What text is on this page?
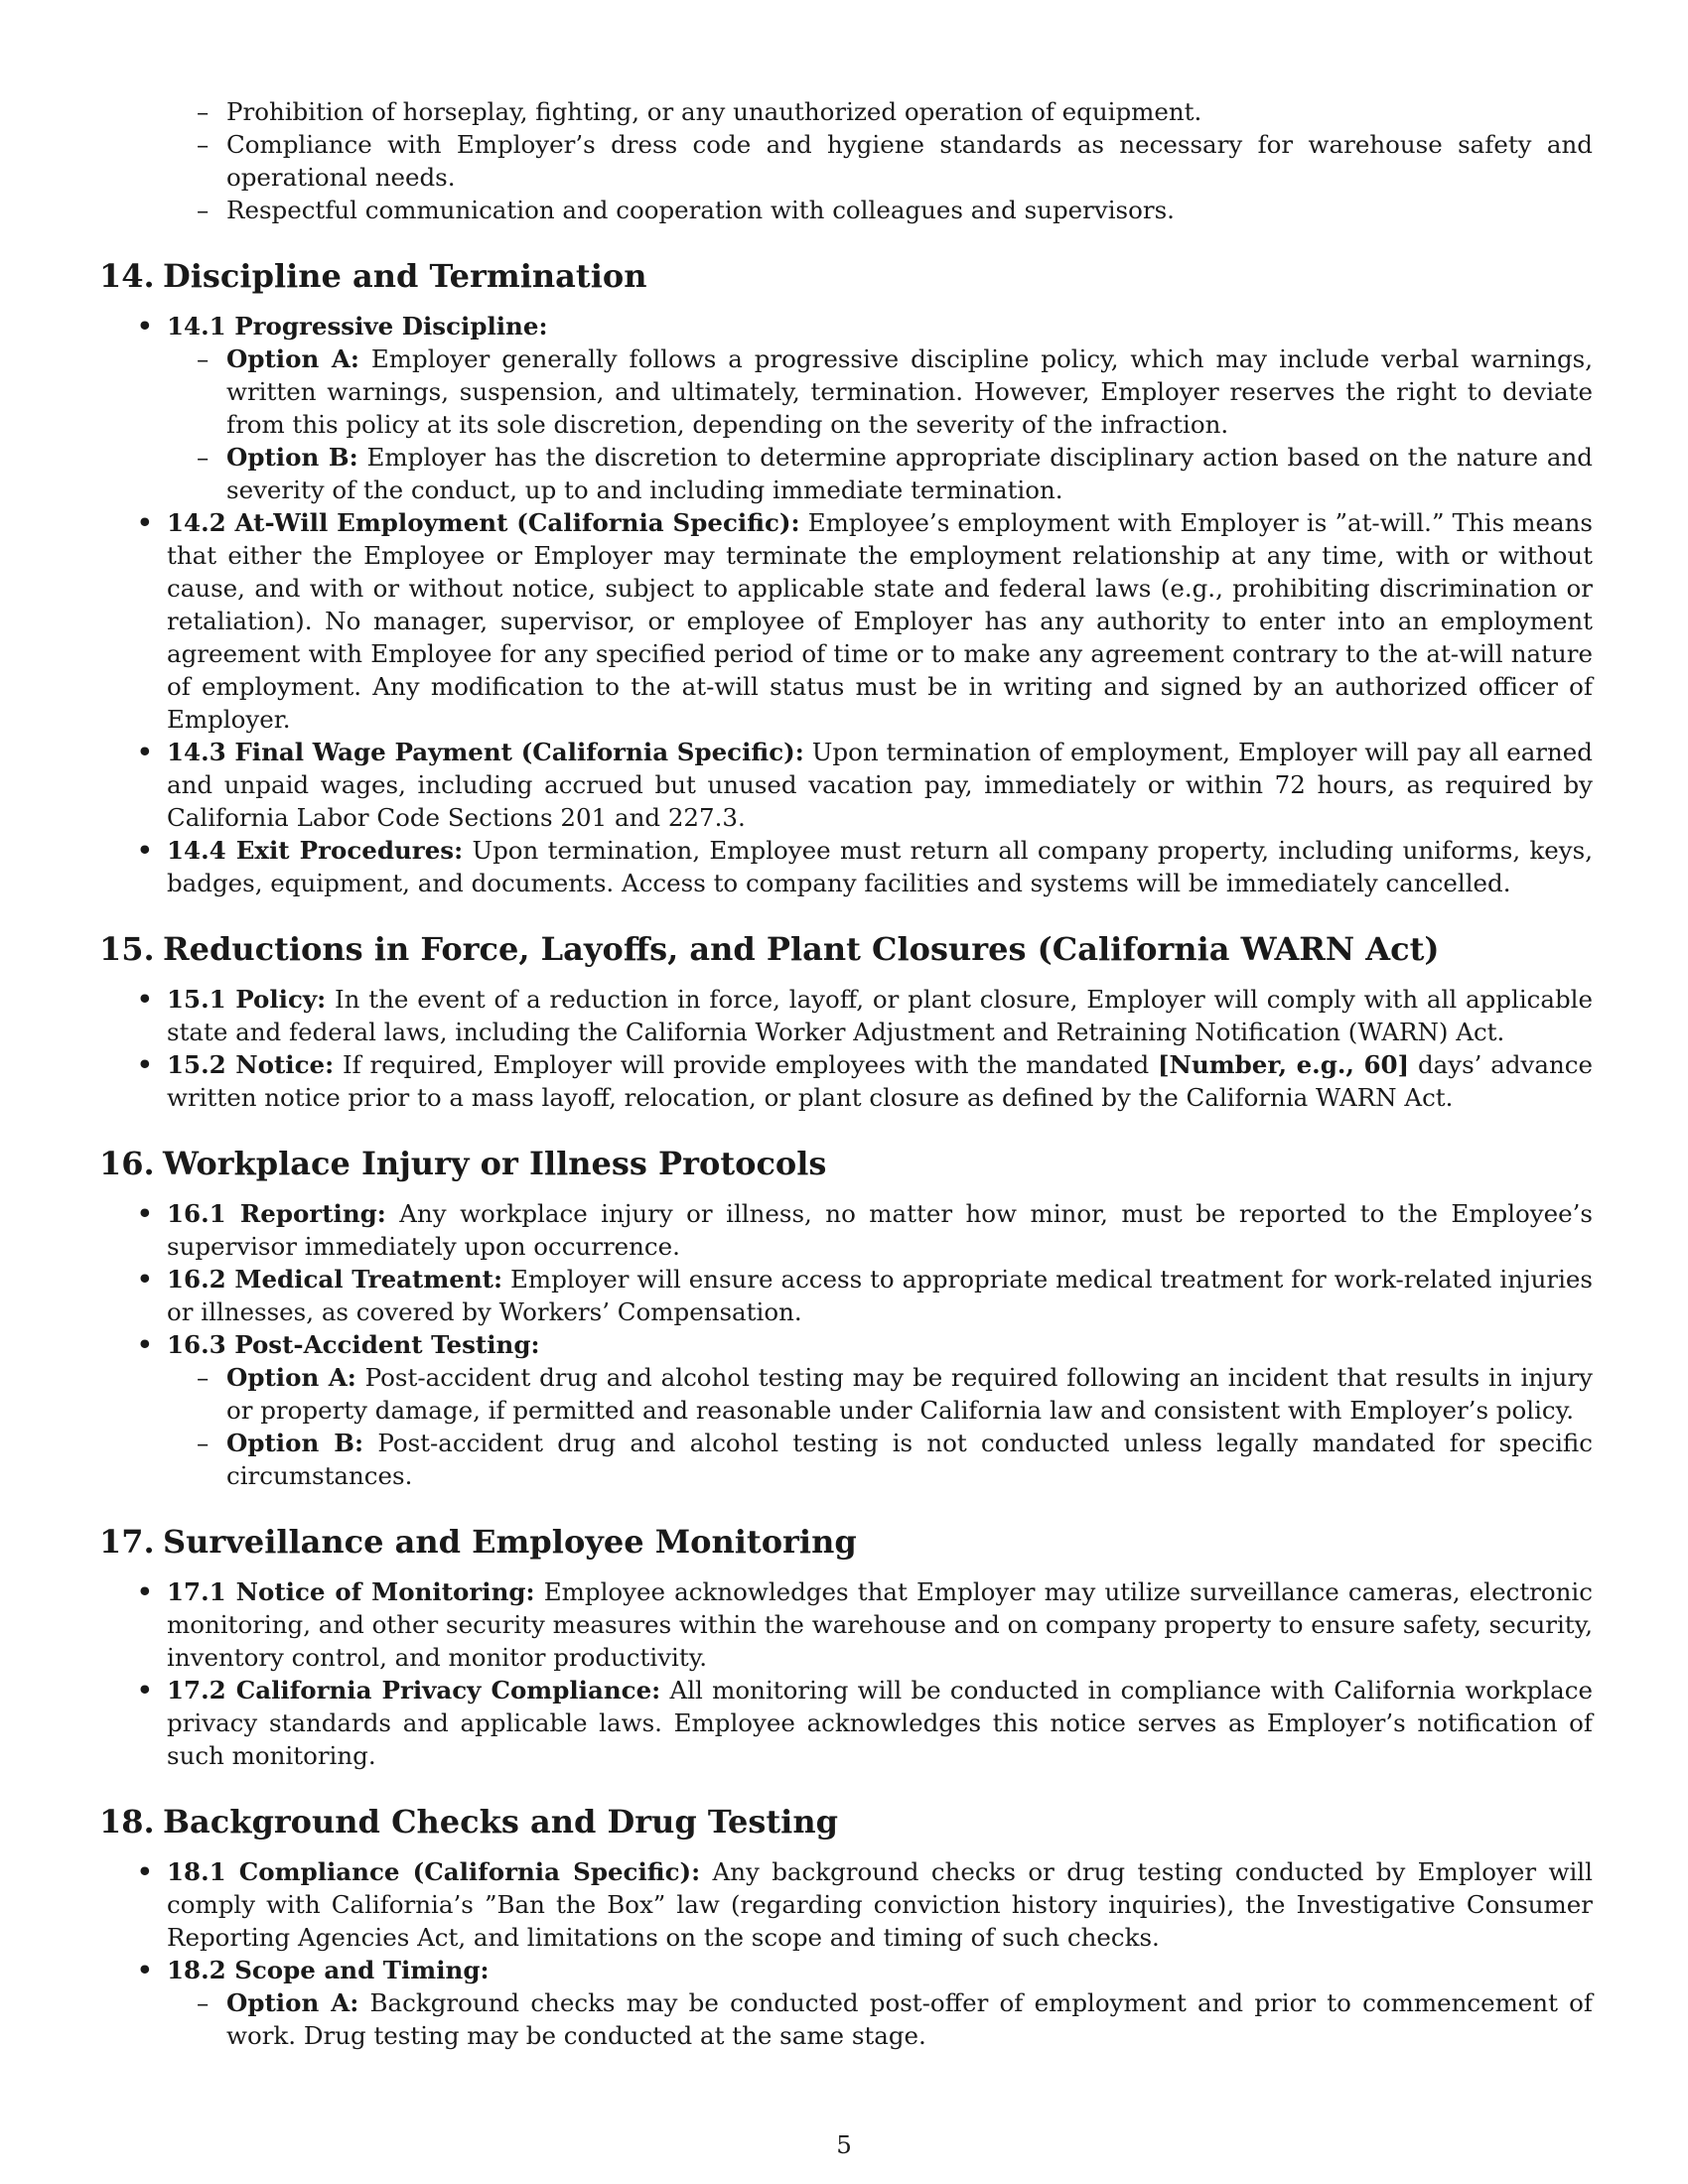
– Prohibition of horseplay, fighting, or any unauthorized operation of equipment.
– Compliance with Employer’s dress code and hygiene standards as necessary for warehouse safety and operational needs.
– Respectful communication and cooperation with colleagues and supervisors.
14. Discipline and Termination
• 14.1 Progressive Discipline:
– Option A: Employer generally follows a progressive discipline policy, which may include verbal warnings, written warnings, suspension, and ultimately, termination. However, Employer reserves the right to deviate from this policy at its sole discretion, depending on the severity of the infraction.
– Option B: Employer has the discretion to determine appropriate disciplinary action based on the nature and severity of the conduct, up to and including immediate termination.
• 14.2 At-Will Employment (California Specific): Employee’s employment with Employer is ”at-will.” This means that either the Employee or Employer may terminate the employment relationship at any time, with or without cause, and with or without notice, subject to applicable state and federal laws (e.g., prohibiting discrimination or retaliation). No manager, supervisor, or employee of Employer has any authority to enter into an employment agreement with Employee for any specified period of time or to make any agreement contrary to the at-will nature of employment. Any modification to the at-will status must be in writing and signed by an authorized officer of Employer.
• 14.3 Final Wage Payment (California Specific): Upon termination of employment, Employer will pay all earned and unpaid wages, including accrued but unused vacation pay, immediately or within 72 hours, as required by California Labor Code Sections 201 and 227.3.
• 14.4 Exit Procedures: Upon termination, Employee must return all company property, including uniforms, keys, badges, equipment, and documents. Access to company facilities and systems will be immediately cancelled.
15. Reductions in Force, Layoffs, and Plant Closures (California WARN Act)
• 15.1 Policy: In the event of a reduction in force, layoff, or plant closure, Employer will comply with all applicable state and federal laws, including the California Worker Adjustment and Retraining Notification (WARN) Act.
• 15.2 Notice: If required, Employer will provide employees with the mandated [Number, e.g., 60] days’ advance written notice prior to a mass layoff, relocation, or plant closure as defined by the California WARN Act.
16. Workplace Injury or Illness Protocols
• 16.1 Reporting: Any workplace injury or illness, no matter how minor, must be reported to the Employee’s supervisor immediately upon occurrence.
• 16.2 Medical Treatment: Employer will ensure access to appropriate medical treatment for work-related injuries or illnesses, as covered by Workers’ Compensation.
• 16.3 Post-Accident Testing:
– Option A: Post-accident drug and alcohol testing may be required following an incident that results in injury or property damage, if permitted and reasonable under California law and consistent with Employer’s policy.
– Option B: Post-accident drug and alcohol testing is not conducted unless legally mandated for specific circumstances.
17. Surveillance and Employee Monitoring
• 17.1 Notice of Monitoring: Employee acknowledges that Employer may utilize surveillance cameras, electronic monitoring, and other security measures within the warehouse and on company property to ensure safety, security, inventory control, and monitor productivity.
• 17.2 California Privacy Compliance: All monitoring will be conducted in compliance with California workplace privacy standards and applicable laws. Employee acknowledges this notice serves as Employer’s notification of such monitoring.
18. Background Checks and Drug Testing
• 18.1 Compliance (California Specific): Any background checks or drug testing conducted by Employer will comply with California’s ”Ban the Box” law (regarding conviction history inquiries), the Investigative Consumer Reporting Agencies Act, and limitations on the scope and timing of such checks.
• 18.2 Scope and Timing:
– Option A: Background checks may be conducted post-offer of employment and prior to commencement of work. Drug testing may be conducted at the same stage.
5
